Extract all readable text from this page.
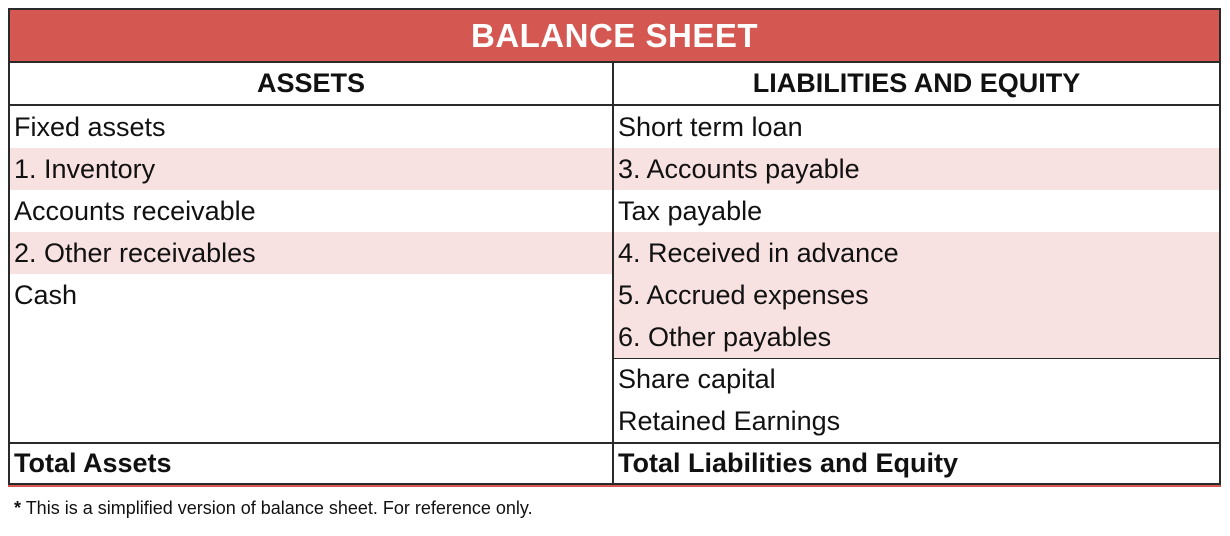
BALANCE SHEET
ASSETS	LIABILITIES AND EQUITY
Fixed assets
1. Inventory
Accounts receivable
2. Other receivables
Cash
Short term loan
3. Accounts payable
Tax payable
4. Received in advance
5. Accrued expenses
6. Other payables
Share capital
Retained Earnings
Total Assets	Total Liabilities and Equity
* This is a simplified version of balance sheet. For reference only.
